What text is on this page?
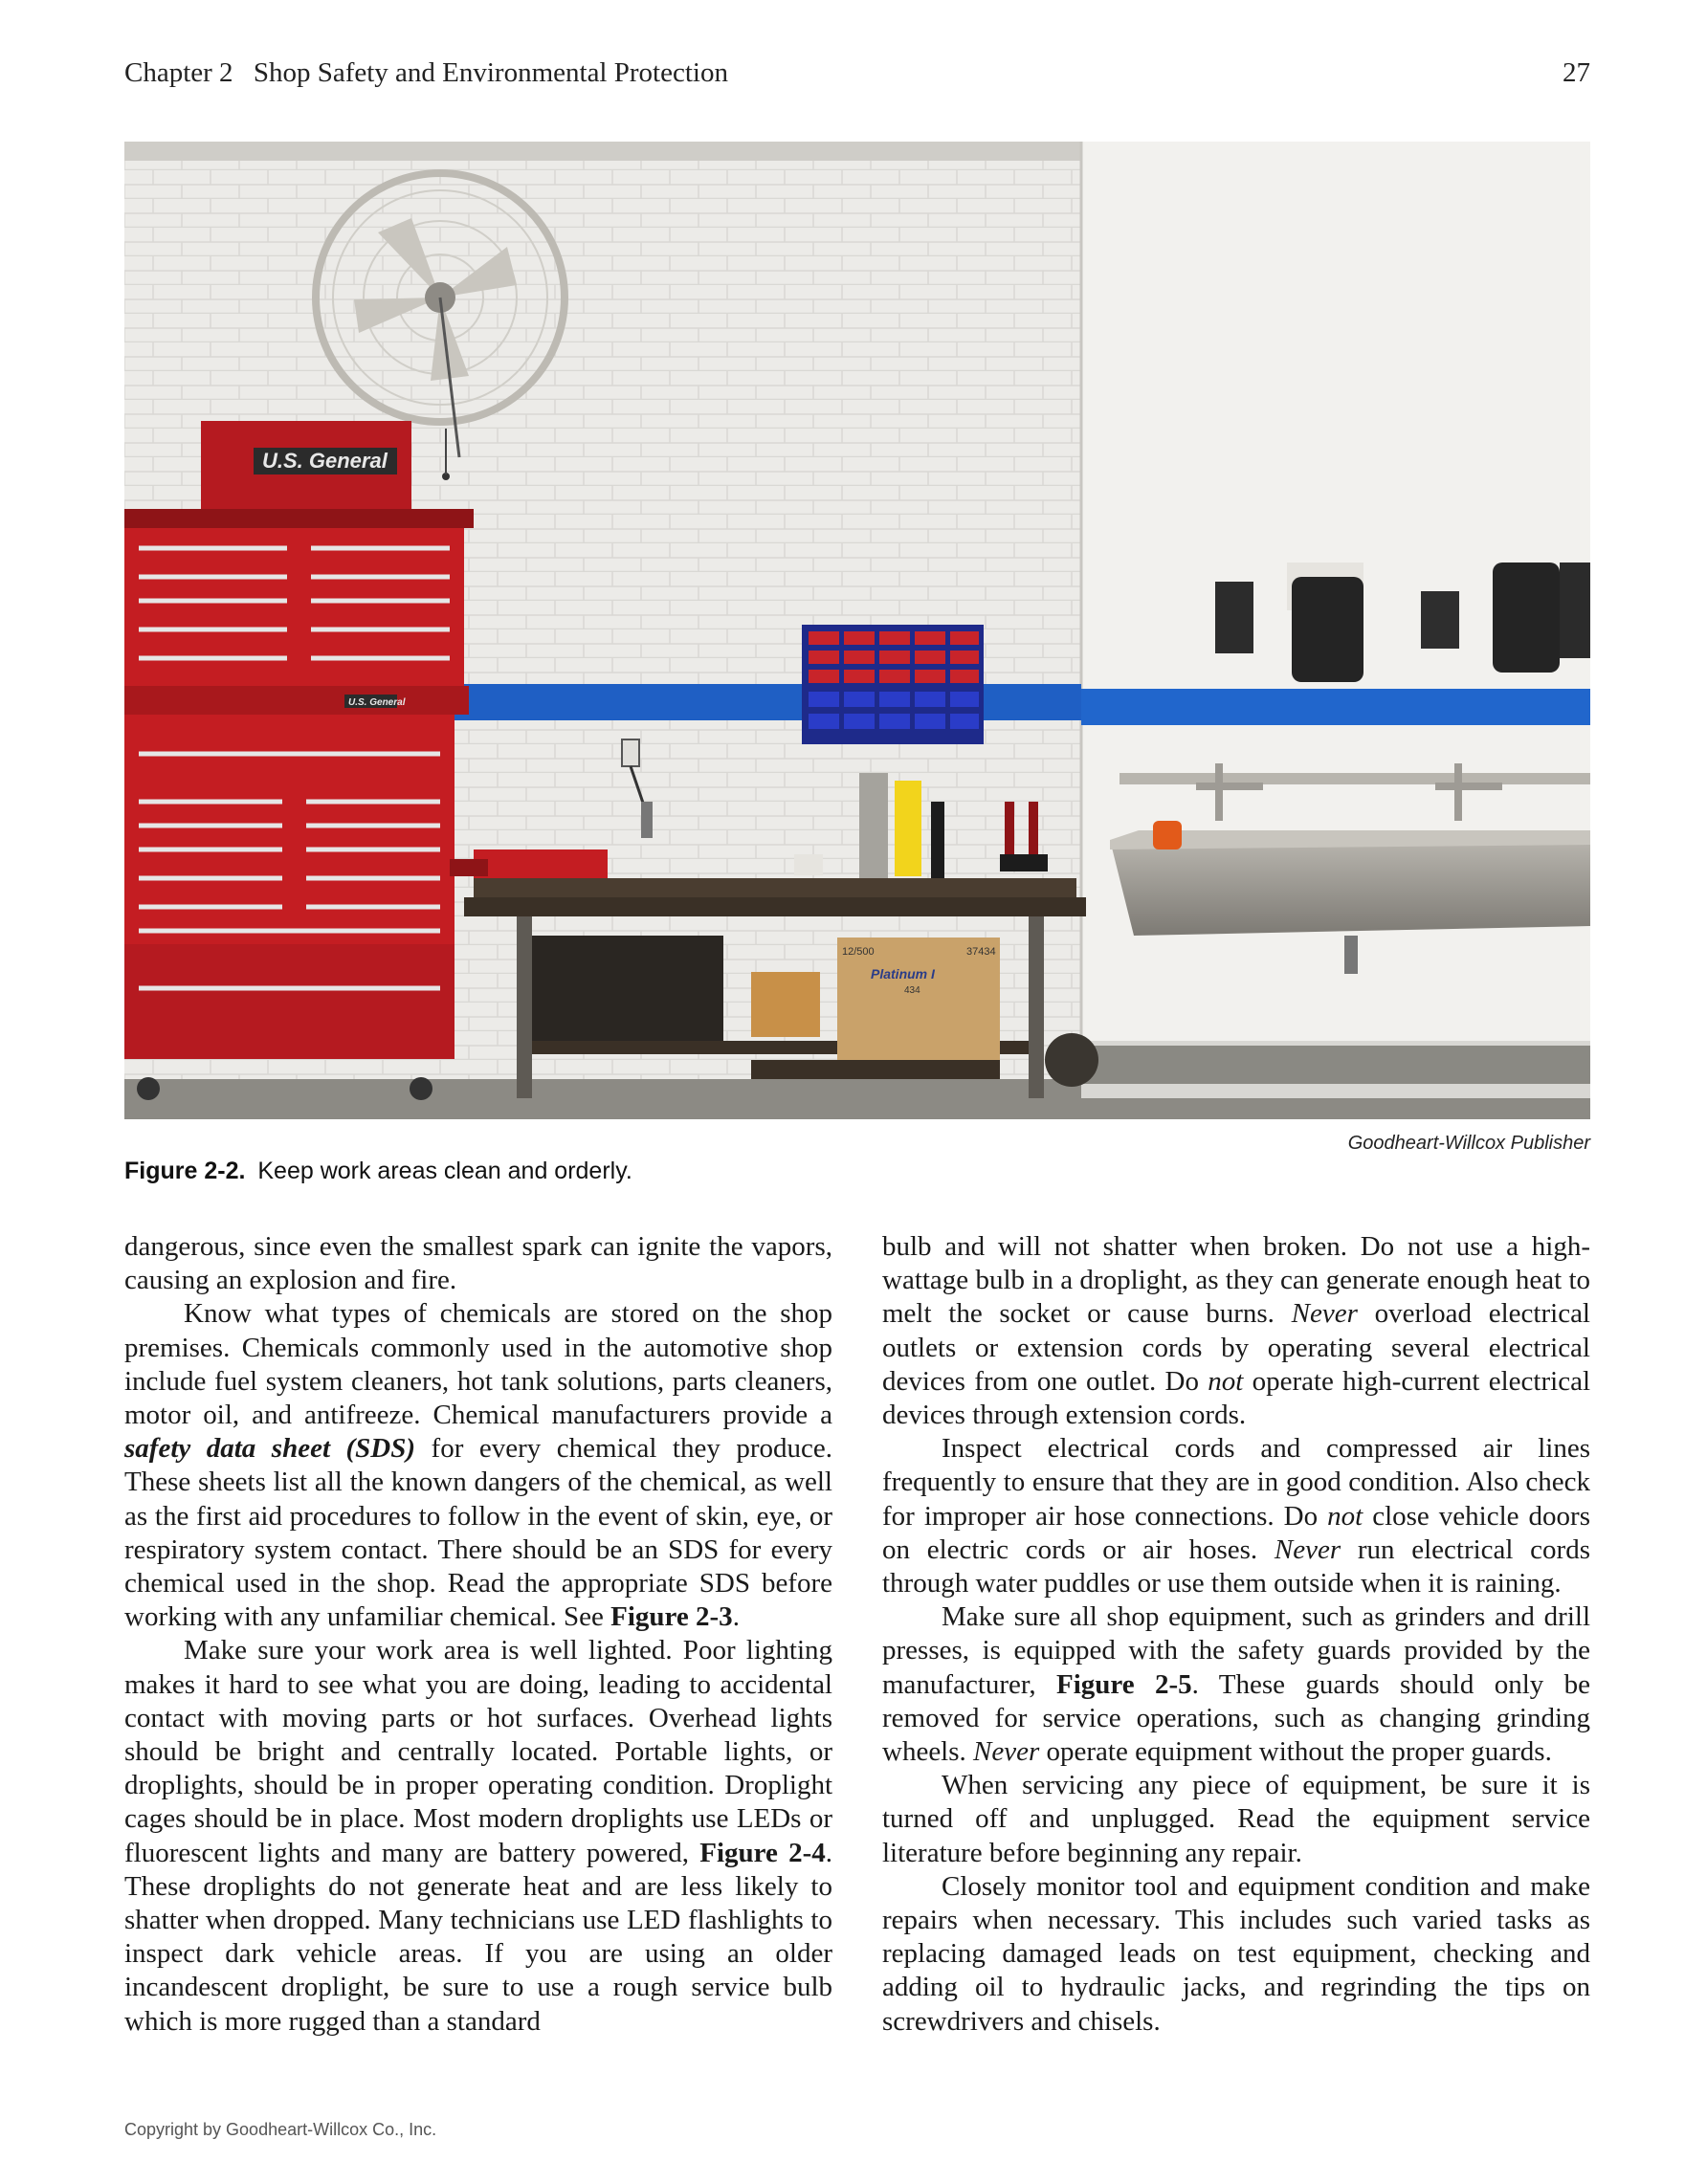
Chapter 2 Shop Safety and Environmental Protection	27
U.S. General
U.S. General
12/500	37434
Platinum I
434
Goodheart-Willcox Publisher
Figure 2-2. Keep work areas clean and orderly.

dangerous, since even the smallest spark can ignite the vapors, causing an explosion and fire.

Know what types of chemicals are stored on the shop premises. Chemicals commonly used in the automotive shop include fuel system cleaners, hot tank solutions, parts cleaners, motor oil, and antifreeze. Chemical manufacturers provide a safety data sheet (SDS) for every chemical they produce. These sheets list all the known dangers of the chemical, as well as the first aid procedures to follow in the event of skin, eye, or respiratory system contact. There should be an SDS for every chemical used in the shop. Read the appropriate SDS before working with any unfamiliar chemical. See Figure 2-3.

Make sure your work area is well lighted. Poor lighting makes it hard to see what you are doing, leading to accidental contact with moving parts or hot surfaces. Overhead lights should be bright and centrally located. Portable lights, or droplights, should be in proper operating condition. Droplight cages should be in place. Most modern droplights use LEDs or fluorescent lights and many are battery powered, Figure 2-4. These droplights do not generate heat and are less likely to shatter when dropped. Many technicians use LED flashlights to inspect dark vehicle areas. If you are using an older incandescent droplight, be sure to use a rough service bulb which is more rugged than a standard

bulb and will not shatter when broken. Do not use a high-wattage bulb in a droplight, as they can generate enough heat to melt the socket or cause burns. Never overload electrical outlets or extension cords by operating several electrical devices from one outlet. Do not operate high-current electrical devices through extension cords.

Inspect electrical cords and compressed air lines frequently to ensure that they are in good condition. Also check for improper air hose connections. Do not close vehicle doors on electric cords or air hoses. Never run electrical cords through water puddles or use them outside when it is raining.

Make sure all shop equipment, such as grinders and drill presses, is equipped with the safety guards provided by the manufacturer, Figure 2-5. These guards should only be removed for service operations, such as changing grinding wheels. Never operate equipment without the proper guards.

When servicing any piece of equipment, be sure it is turned off and unplugged. Read the equipment service literature before beginning any repair.

Closely monitor tool and equipment condition and make repairs when necessary. This includes such varied tasks as replacing damaged leads on test equipment, checking and adding oil to hydraulic jacks, and regrinding the tips on screwdrivers and chisels.

Copyright by Goodheart-Willcox Co., Inc.
